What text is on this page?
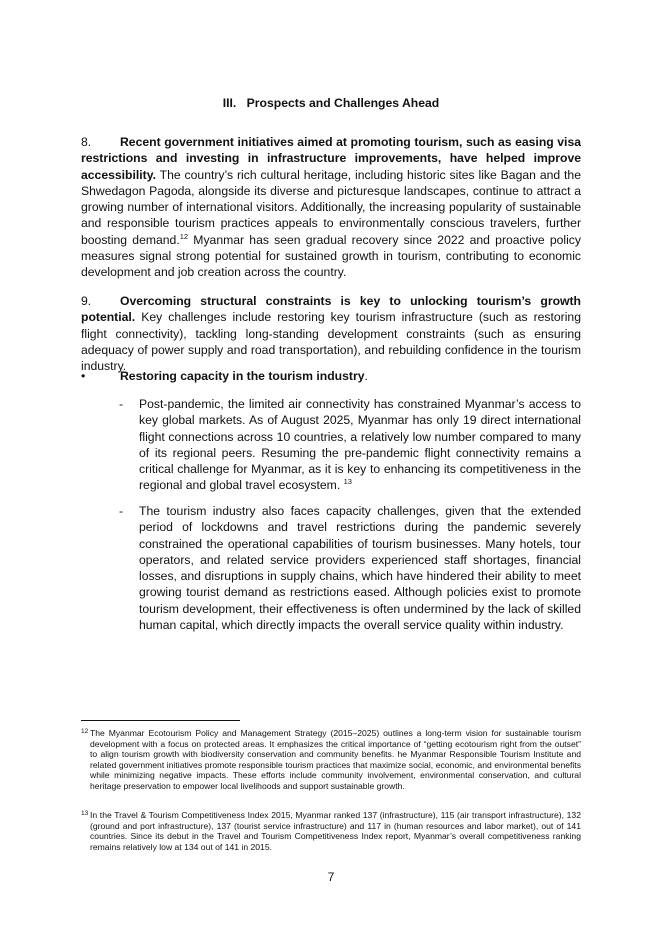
III. Prospects and Challenges Ahead

8. Recent government initiatives aimed at promoting tourism, such as easing visa restrictions and investing in infrastructure improvements, have helped improve accessibility. The country’s rich cultural heritage, including historic sites like Bagan and the Shwedagon Pagoda, alongside its diverse and picturesque landscapes, continue to attract a growing number of international visitors. Additionally, the increasing popularity of sustainable and responsible tourism practices appeals to environmentally conscious travelers, further boosting demand.$^{12}$ Myanmar has seen gradual recovery since 2022 and proactive policy measures signal strong potential for sustained growth in tourism, contributing to economic development and job creation across the country.

9. Overcoming structural constraints is key to unlocking tourism’s growth potential. Key challenges include restoring key tourism infrastructure (such as restoring flight connectivity), tackling long-standing development constraints (such as ensuring adequacy of power supply and road transportation), and rebuilding confidence in the tourism industry.

•	Restoring capacity in the tourism industry.
- Post-pandemic, the limited air connectivity has constrained Myanmar’s access to key global markets. As of August 2025, Myanmar has only 19 direct international flight connections across 10 countries, a relatively low number compared to many of its regional peers. Resuming the pre-pandemic flight connectivity remains a critical challenge for Myanmar, as it is key to enhancing its competitiveness in the regional and global travel ecosystem. $^{13}$

- The tourism industry also faces capacity challenges, given that the extended period of lockdowns and travel restrictions during the pandemic severely constrained the operational capabilities of tourism businesses. Many hotels, tour operators, and related service providers experienced staff shortages, financial losses, and disruptions in supply chains, which have hindered their ability to meet growing tourist demand as restrictions eased. Although policies exist to promote tourism development, their effectiveness is often undermined by the lack of skilled human capital, which directly impacts the overall service quality within industry.

12 The Myanmar Ecotourism Policy and Management Strategy (2015–2025) outlines a long-term vision for sustainable tourism development with a focus on protected areas. It emphasizes the critical importance of “getting ecotourism right from the outset” to align tourism growth with biodiversity conservation and community benefits. he Myanmar Responsible Tourism Institute and related government initiatives promote responsible tourism practices that maximize social, economic, and environmental benefits while minimizing negative impacts. These efforts include community involvement, environmental conservation, and cultural heritage preservation to empower local livelihoods and support sustainable growth.

13 In the Travel & Tourism Competitiveness Index 2015, Myanmar ranked 137 (infrastructure), 115 (air transport infrastructure), 132 (ground and port infrastructure), 137 (tourist service infrastructure) and 117 in (human resources and labor market), out of 141 countries. Since its debut in the Travel and Tourism Competitiveness Index report, Myanmar’s overall competitiveness ranking remains relatively low at 134 out of 141 in 2015.

7
